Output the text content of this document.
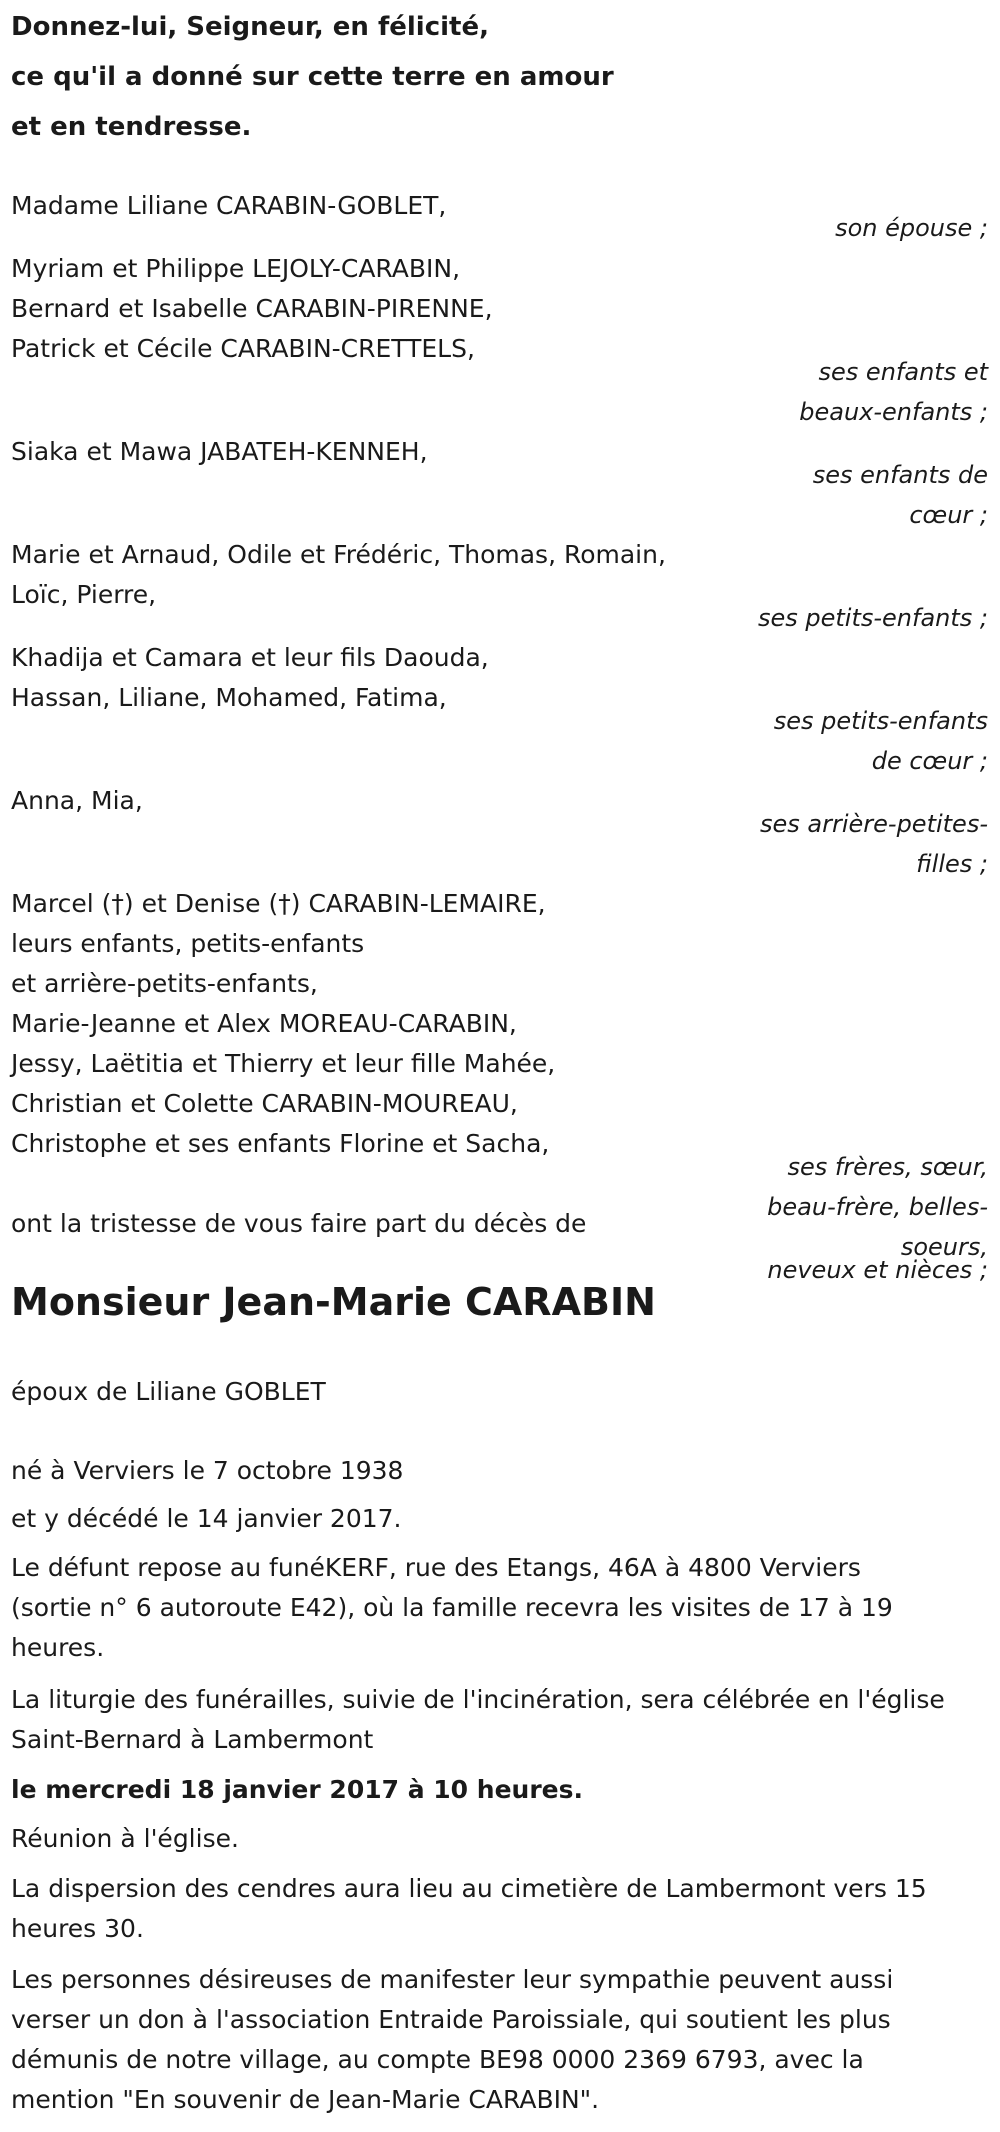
Donnez-lui, Seigneur, en félicité,
ce qu'il a donné sur cette terre en amour
et en tendresse.
Madame Liliane CARABIN-GOBLET,
son épouse ;
Myriam et Philippe LEJOLY-CARABIN,
Bernard et Isabelle CARABIN-PIRENNE,
Patrick et Cécile CARABIN-CRETTELS,
ses enfants et
beaux-enfants ;
Siaka et Mawa JABATEH-KENNEH,
ses enfants de
cœur ;
Marie et Arnaud, Odile et Frédéric, Thomas, Romain,
Loïc, Pierre,
ses petits-enfants ;
Khadija et Camara et leur fils Daouda,
Hassan, Liliane, Mohamed, Fatima,
ses petits-enfants
de cœur ;
Anna, Mia,
ses arrière-petites-
filles ;
Marcel (†) et Denise (†) CARABIN-LEMAIRE,
leurs enfants, petits-enfants
et arrière-petits-enfants,
Marie-Jeanne et Alex MOREAU-CARABIN,
Jessy, Laëtitia et Thierry et leur fille Mahée,
Christian et Colette CARABIN-MOUREAU,
Christophe et ses enfants Florine et Sacha,
ses frères, sœur,
beau-frère, belles-
soeurs,
neveux et nièces ;
ont la tristesse de vous faire part du décès de
Monsieur Jean-Marie CARABIN
époux de Liliane GOBLET
né à Verviers le 7 octobre 1938
et y décédé le 14 janvier 2017.
Le défunt repose au funéKERF, rue des Etangs, 46A à 4800 Verviers
(sortie n° 6 autoroute E42), où la famille recevra les visites de 17 à 19
heures.
La liturgie des funérailles, suivie de l'incinération, sera célébrée en l'église
Saint-Bernard à Lambermont
le mercredi 18 janvier 2017 à 10 heures.
Réunion à l'église.
La dispersion des cendres aura lieu au cimetière de Lambermont vers 15
heures 30.
Les personnes désireuses de manifester leur sympathie peuvent aussi
verser un don à l'association Entraide Paroissiale, qui soutient les plus
démunis de notre village, au compte BE98 0000 2369 6793, avec la
mention "En souvenir de Jean-Marie CARABIN".
